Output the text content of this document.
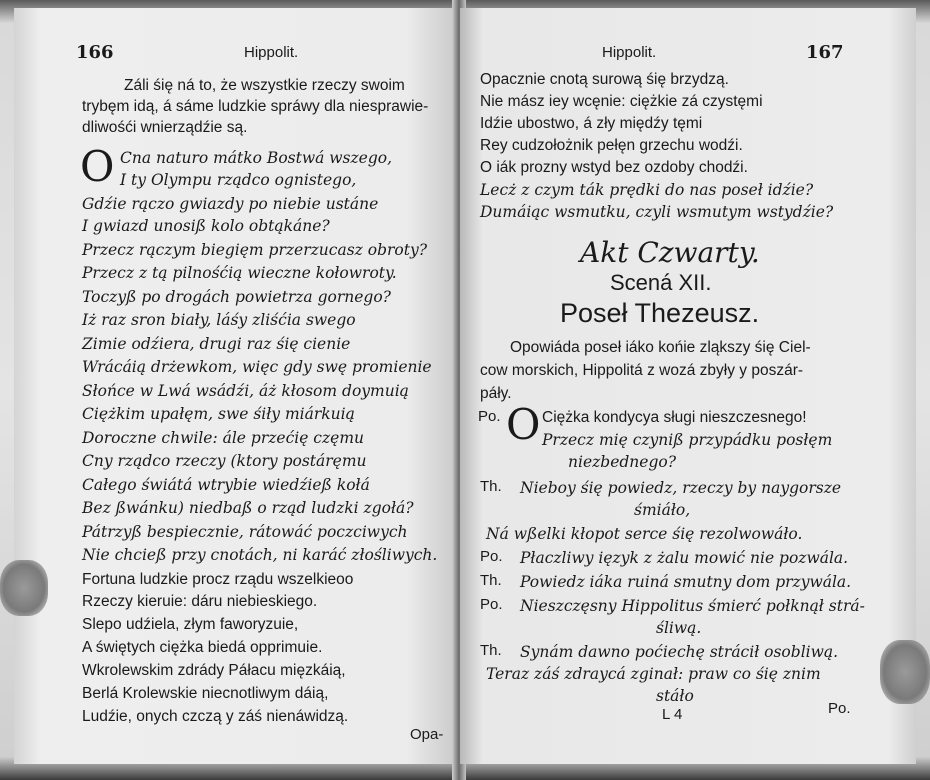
166	Hippolit.
Záli śię ná to, że wszystkie rzeczy swoim
trybęm idą, á sáme ludzkie spráwy dla niesprawie-
dliwośći wnierządźie są.
O Cna naturo mátko Bostwá wszego,
I ty Olympu rządco ognistego,
Gdźie rączo gwiazdy po niebie ustáne
I gwiazd unosiß kolo obtąkáne?
Przecz rączym biegięm przerzucasz obroty?
Przecz z tą pilnośćią wieczne kołowroty.
Toczyß po drogách powietrza gornego?
Iż raz sron biały, láśy zliśćia swego
Zimie odźiera, drugi raz śię cienie
Wrácáią drżewkom, więc gdy swę promienie
Słońce w Lwá wsádźi, áż kłosom doymuią
Ciężkim upałęm, swe śiły miárkuią
Doroczne chwile: ále przećię częmu
Cny rządco rzeczy (ktory postáręmu
Całego świátá wtrybie wiedźieß kołá
Bez ßwánku) niedbaß o rząd ludzki zgołá?
Pátrzyß bespiecznie, rátowáć poczciwych
Nie chcieß przy cnotách, ni karáć złośliwych.
Fortuna ludzkie procz rządu wszelkieoo
Rzeczy kieruie: dáru niebieskiego.
Slepo udźiela, złym faworyzuie,
A świętych ciężka biedá opprimuie.
Wkrolewskim zdrády Páłacu mięzkáią,
Berlá Krolewskie niecnotliwym dáią,
Ludźie, onych czczą y záś nienáwidzą.
Opa-
Hippolit.	167
Opacznie cnotą surową śię brzydzą.
Nie mász iey wcęnie: ciężkie zá czystęmi
Idźie ubostwo, á zły międźy tęmi
Rey cudzołożnik pełęn grzechu wodźi.
O iák prozny wstyd bez ozdoby chodźi.
Lecż z czym ták prędki do nas poseł idźie?
Dumáiąc wsmutku, czyli wsmutym wstydźie?
Akt Czwarty.
Scená XII.
Poseł Thezeusz.
Opowiáda poseł iáko końie zląkszy śię Ciel-
cow morskich, Hippolitá z wozá zbyły y poszár-
páły.
Po. O Ciężka kondycya sługi nieszczesnego!
Przecz mię czyniß przypádku posłęm
niezbednego?
Th. Nieboy śię powiedz, rzeczy by naygorsze
śmiáło,
Ná wßelki kłopot serce śię rezolwowáło.
Po. Płaczliwy ięzyk z żalu mowić nie pozwála.
Th. Powiedz iáka ruiná smutny dom przywála.
Po. Nieszczęsny Hippolitus śmierć połknął strá-
śliwą.
Th. Synám dawno poćiechę strácił osobliwą.
Teraz záś zdraycá zginał: praw co śię znim
stáło
L 4	Po.
